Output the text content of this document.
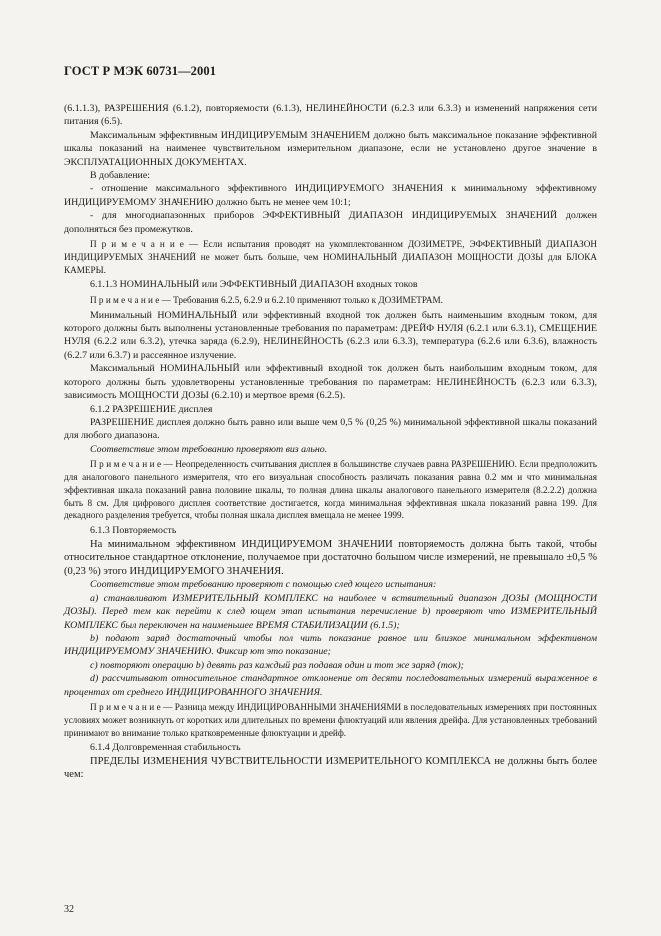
ГОСТ Р МЭК 60731—2001

(6.1.1.3), РАЗРЕШЕНИЯ (6.1.2), повторяемости (6.1.3), НЕЛИНЕЙНОСТИ (6.2.3 или 6.3.3) и изменений напряжения сети питания (6.5).

Максимальным эффективным ИНДИЦИРУЕМЫМ ЗНАЧЕНИЕМ должно быть максимальное показание эффективной шкалы показаний на наименее чувствительном измерительном диапазоне, если не установлено другое значение в ЭКСПЛУАТАЦИОННЫХ ДОКУМЕНТАХ.

В добавление:

- отношение максимального эффективного ИНДИЦИРУЕМОГО ЗНАЧЕНИЯ к минимальному эффективному ИНДИЦИРУЕМОМУ ЗНАЧЕНИЮ должно быть не менее чем 10:1;

- для многодиапазонных приборов ЭФФЕКТИВНЫЙ ДИАПАЗОН ИНДИЦИРУЕМЫХ ЗНАЧЕНИЙ должен дополняться без промежутков.

П р и м е ч а н и е — Если испытания проводят на укомплектованном ДОЗИМЕТРЕ, ЭФФЕКТИВНЫЙ ДИАПАЗОН ИНДИЦИРУЕМЫХ ЗНАЧЕНИЙ не может быть больше, чем НОМИНАЛЬНЫЙ ДИАПАЗОН МОЩНОСТИ ДОЗЫ для БЛОКА КАМЕРЫ.

6.1.1.3 НОМИНАЛЬНЫЙ или ЭФФЕКТИВНЫЙ ДИАПАЗОН входных токов

П р и м е ч а н и е — Требования 6.2.5, 6.2.9 и 6.2.10 применяют только к ДОЗИМЕТРАМ.

Минимальный НОМИНАЛЬНЫЙ или эффективный входной ток должен быть наименьшим входным током, для которого должны быть выполнены установленные требования по параметрам: ДРЕЙФ НУЛЯ (6.2.1 или 6.3.1), СМЕЩЕНИЕ НУЛЯ (6.2.2 или 6.3.2), утечка заряда (6.2.9), НЕЛИНЕЙНОСТЬ (6.2.3 или 6.3.3), температура (6.2.6 или 6.3.6), влажность (6.2.7 или 6.3.7) и рассеянное излучение.

Максимальный НОМИНАЛЬНЫЙ или эффективный входной ток должен быть наибольшим входным током, для которого должны быть удовлетворены установленные требования по параметрам: НЕЛИНЕЙНОСТЬ (6.2.3 или 6.3.3), зависимость МОЩНОСТИ ДОЗЫ (6.2.10) и мертвое время (6.2.5).

6.1.2 РАЗРЕШЕНИЕ дисплея

РАЗРЕШЕНИЕ дисплея должно быть равно или выше чем 0,5 % (0,25 %) минимальной эффективной шкалы показаний для любого диапазона.

Соответствие этом требованию проверяют виз ально.

П р и м е ч а н и е — Неопределенность считывания дисплея в большинстве случаев равна РАЗРЕШЕНИЮ. Если предположить для аналогового панельного измерителя, что его визуальная способность различать показания равна 0.2 мм и что минимальная эффективная шкала показаний равна половине шкалы, то полная длина шкалы аналогового панельного измерителя (8.2.2.2) должна быть 8 см. Для цифрового дисплея соответствие достигается, когда минимальная эффективная шкала показаний равна 199. Для декадного разделения требуется, чтобы полная шкала дисплея вмещала не менее 1999.

6.1.3 Повторяемость

На минимальном эффективном ИНДИЦИРУЕМОМ ЗНАЧЕНИИ повторяемость должна быть такой, чтобы относительное стандартное отклонение, получаемое при достаточно большом числе измерений, не превышало ±0,5 % (0,23 %) этого ИНДИЦИРУЕМОГО ЗНАЧЕНИЯ.

Соответствие этом требованию проверяют с помощью след ющего испытания:

а) станавливают ИЗМЕРИТЕЛЬНЫЙ КОМПЛЕКС на наиболее ч вствительный диапазон ДОЗЫ (МОЩНОСТИ ДОЗЫ). Перед тем как перейти к след ющем этап испытания перечисление b) проверяют что ИЗМЕРИТЕЛЬНЫЙ КОМПЛЕКС был переключен на наименьшее ВРЕМЯ СТАБИЛИЗАЦИИ (6.1.5);

b) подают заряд достаточный чтобы пол чить показание равное или близкое минимальном эффективном ИНДИЦИРУЕМОМУ ЗНАЧЕНИЮ. Фиксир ют это показание;

c) повторяют операцию b) девять раз каждый раз подавая один и тот же заряд (ток);

d) рассчитывают относительное стандартное отклонение от десяти последовательных измерений выраженное в процентах от среднего ИНДИЦИРОВАННОГО ЗНАЧЕНИЯ.

П р и м е ч а н и е — Разница между ИНДИЦИРОВАННЫМИ ЗНАЧЕНИЯМИ в последовательных измерениях при постоянных условиях может возникнуть от коротких или длительных по времени флюктуаций или явления дрейфа. Для установленных требований принимают во внимание только кратковременные флюктуации и дрейф.

6.1.4 Долговременная стабильность

ПРЕДЕЛЫ ИЗМЕНЕНИЯ ЧУВСТВИТЕЛЬНОСТИ ИЗМЕРИТЕЛЬНОГО КОМПЛЕКСА не должны быть более чем:

32
